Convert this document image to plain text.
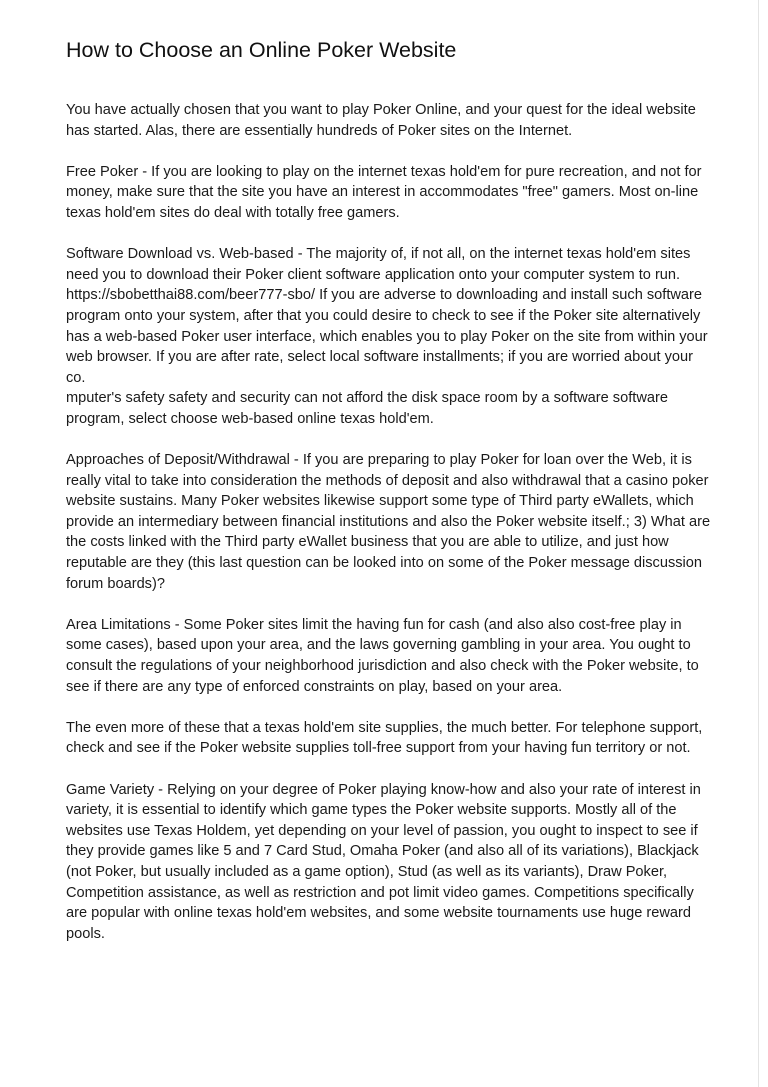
How to Choose an Online Poker Website

You have actually chosen that you want to play Poker Online, and your quest for the ideal website has started. Alas, there are essentially hundreds of Poker sites on the Internet.

Free Poker - If you are looking to play on the internet texas hold'em for pure recreation, and not for money, make sure that the site you have an interest in accommodates "free" gamers. Most on-line texas hold'em sites do deal with totally free gamers.

Software Download vs. Web-based - The majority of, if not all, on the internet texas hold'em sites need you to download their Poker client software application onto your computer system to run. https://sbobetthai88.com/beer777-sbo/ If you are adverse to downloading and install such software program onto your system, after that you could desire to check to see if the Poker site alternatively has a web-based Poker user interface, which enables you to play Poker on the site from within your web browser. If you are after rate, select local software installments; if you are worried about your co.
mputer's safety safety and security can not afford the disk space room by a software software program, select choose web-based online texas hold'em.

Approaches of Deposit/Withdrawal - If you are preparing to play Poker for loan over the Web, it is really vital to take into consideration the methods of deposit and also withdrawal that a casino poker website sustains. Many Poker websites likewise support some type of Third party eWallets, which provide an intermediary between financial institutions and also the Poker website itself.; 3) What are the costs linked with the Third party eWallet business that you are able to utilize, and just how reputable are they (this last question can be looked into on some of the Poker message discussion forum boards)?

Area Limitations - Some Poker sites limit the having fun for cash (and also also cost-free play in some cases), based upon your area, and the laws governing gambling in your area. You ought to consult the regulations of your neighborhood jurisdiction and also check with the Poker website, to see if there are any type of enforced constraints on play, based on your area.

The even more of these that a texas hold'em site supplies, the much better. For telephone support, check and see if the Poker website supplies toll-free support from your having fun territory or not.

Game Variety - Relying on your degree of Poker playing know-how and also your rate of interest in variety, it is essential to identify which game types the Poker website supports. Mostly all of the websites use Texas Holdem, yet depending on your level of passion, you ought to inspect to see if they provide games like 5 and 7 Card Stud, Omaha Poker (and also all of its variations), Blackjack (not Poker, but usually included as a game option), Stud (as well as its variants), Draw Poker, Competition assistance, as well as restriction and pot limit video games. Competitions specifically are popular with online texas hold'em websites, and some website tournaments use huge reward pools.
